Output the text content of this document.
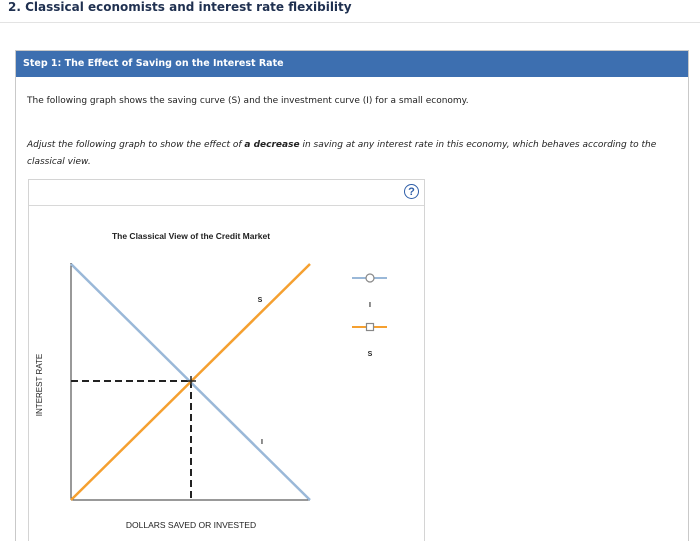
2. Classical economists and interest rate flexibility
Step 1: The Effect of Saving on the Interest Rate
The following graph shows the saving curve (S) and the investment curve (I) for a small economy.
Adjust the following graph to show the effect of a decrease in saving at any interest rate in this economy, which behaves according to the classical view.
?
The Classical View of the Credit Market
INTEREST RATE
DOLLARS SAVED OR INVESTED
S
I
I
S
